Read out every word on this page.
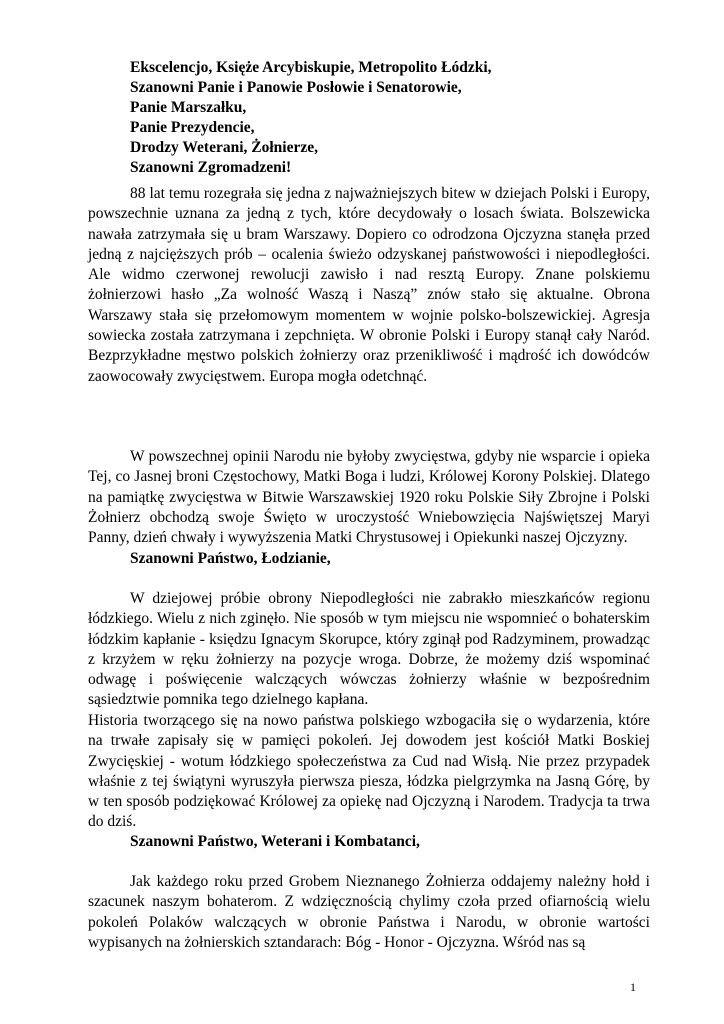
Ekscelencjo, Księże Arcybiskupie, Metropolito Łódzki,
Szanowni Panie i Panowie Posłowie i Senatorowie,
Panie Marszałku,
Panie Prezydencie,
Drodzy Weterani, Żołnierze,
Szanowni Zgromadzeni!
88 lat temu rozegrała się jedna z najważniejszych bitew w dziejach Polski i Europy, powszechnie uznana za jedną z tych, które decydowały o losach świata. Bolszewicka nawała zatrzymała się u bram Warszawy. Dopiero co odrodzona Ojczyzna stanęła przed jedną z najcięższych prób – ocalenia świeżo odzyskanej państwowości i niepodległości. Ale widmo czerwonej rewolucji zawisło i nad resztą Europy. Znane polskiemu żołnierzowi hasło „Za wolność Waszą i Naszą” znów stało się aktualne. Obrona Warszawy stała się przełomowym momentem w wojnie polsko-bolszewickiej. Agresja sowiecka została zatrzymana i zepchnięta. W obronie Polski i Europy stanął cały Naród. Bezprzykładne męstwo polskich żołnierzy oraz przenikliwość i mądrość ich dowódców zaowocowały zwycięstwem. Europa mogła odetchnąć.
W powszechnej opinii Narodu nie byłoby zwycięstwa, gdyby nie wsparcie i opieka Tej, co Jasnej broni Częstochowy, Matki Boga i ludzi, Królowej Korony Polskiej. Dlatego na pamiątkę zwycięstwa w Bitwie Warszawskiej 1920 roku Polskie Siły Zbrojne i Polski Żołnierz obchodzą swoje Święto w uroczystość Wniebowzięcia Najświętszej Maryi Panny, dzień chwały i wywyższenia Matki Chrystusowej i Opiekunki naszej Ojczyzny.
Szanowni Państwo, Łodzianie,
W dziejowej próbie obrony Niepodległości nie zabrakło mieszkańców regionu łódzkiego. Wielu z nich zginęło. Nie sposób w tym miejscu nie wspomnieć o bohaterskim łódzkim kapłanie - księdzu Ignacym Skorupce, który zginął pod Radzyminem, prowadząc z krzyżem w ręku żołnierzy na pozycje wroga. Dobrze, że możemy dziś wspominać odwagę i poświęcenie walczących wówczas żołnierzy właśnie w bezpośrednim sąsiedztwie pomnika tego dzielnego kapłana.
Historia tworzącego się na nowo państwa polskiego wzbogaciła się o wydarzenia, które na trwałe zapisały się w pamięci pokoleń. Jej dowodem jest kościół Matki Boskiej Zwycięskiej - wotum łódzkiego społeczeństwa za Cud nad Wisłą. Nie przez przypadek właśnie z tej świątyni wyruszyła pierwsza piesza, łódzka pielgrzymka na Jasną Górę, by w ten sposób podziękować Królowej za opiekę nad Ojczyzną i Narodem. Tradycja ta trwa do dziś.
Szanowni Państwo, Weterani i Kombatanci,
Jak każdego roku przed Grobem Nieznanego Żołnierza oddajemy należny hołd i szacunek naszym bohaterom. Z wdzięcznością chylimy czoła przed ofiarnością wielu pokoleń Polaków walczących w obronie Państwa i Narodu, w obronie wartości wypisanych na żołnierskich sztandarach: Bóg - Honor - Ojczyzna. Wśród nas są
1
